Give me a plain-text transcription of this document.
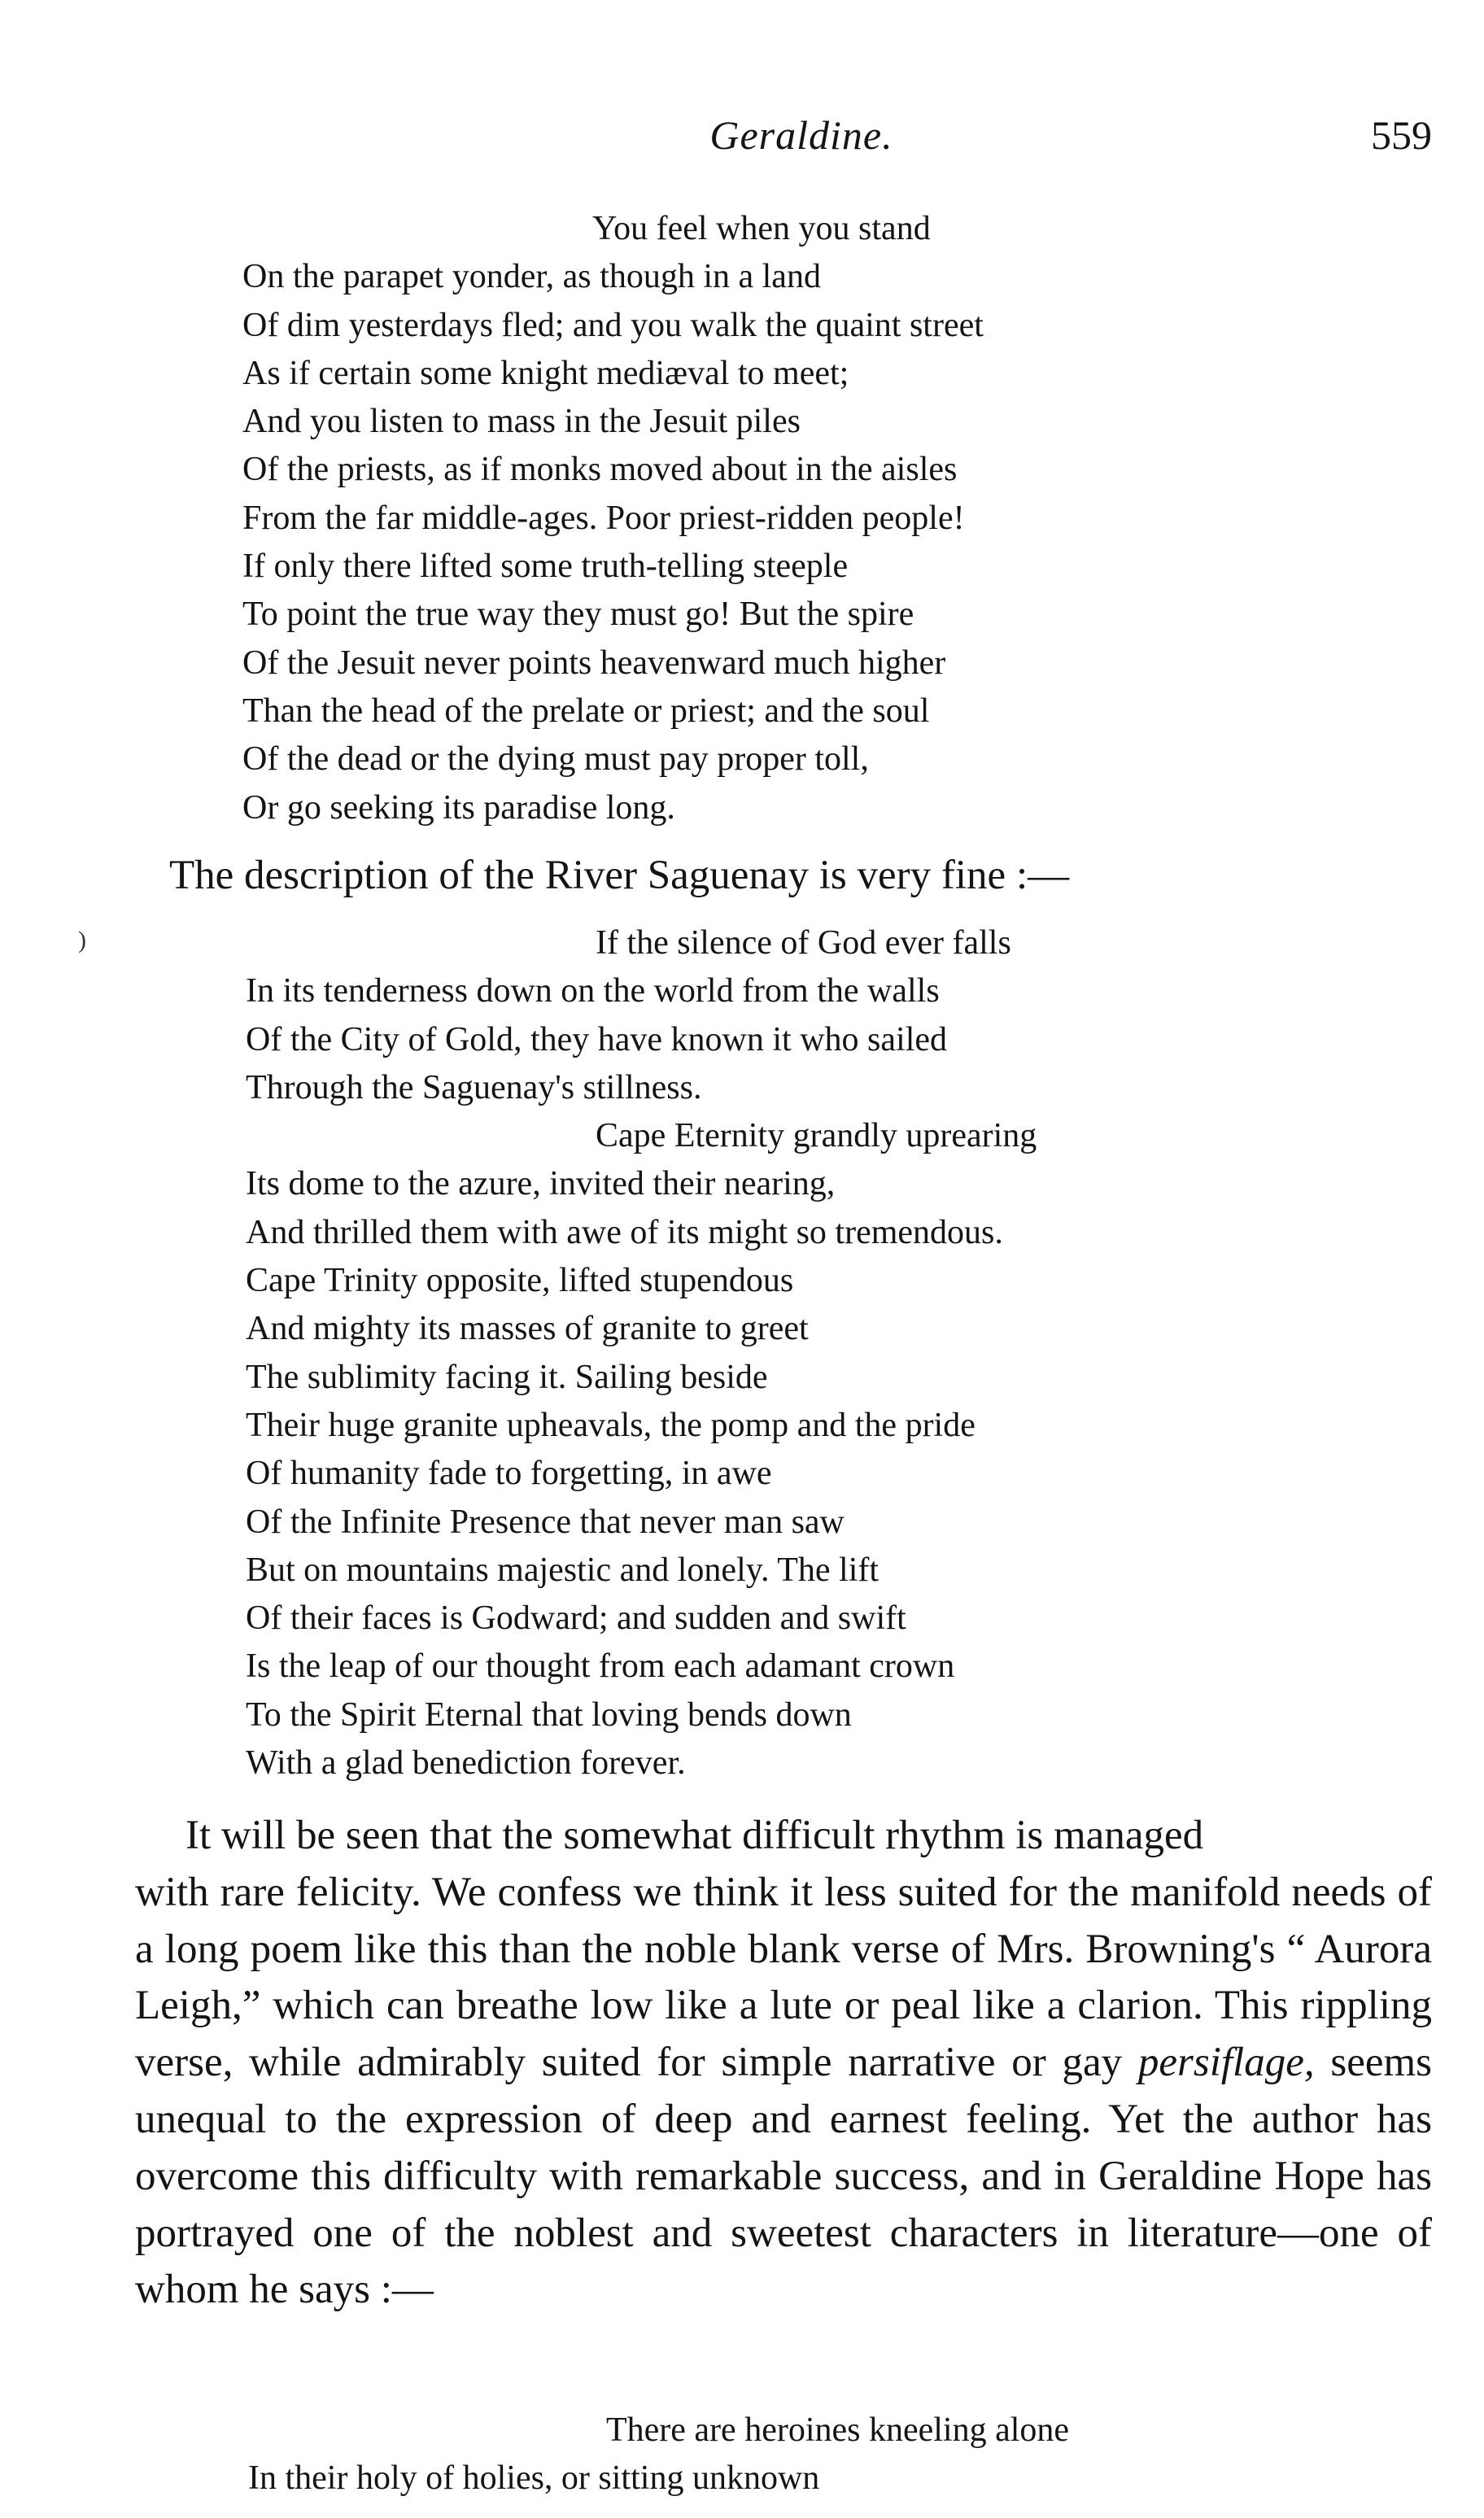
Geraldine.	559
You feel when you stand
On the parapet yonder, as though in a land
Of dim yesterdays fled; and you walk the quaint street
As if certain some knight mediæval to meet;
And you listen to mass in the Jesuit piles
Of the priests, as if monks moved about in the aisles
From the far middle-ages. Poor priest-ridden people!
If only there lifted some truth-telling steeple
To point the true way they must go! But the spire
Of the Jesuit never points heavenward much higher
Than the head of the prelate or priest; and the soul
Of the dead or the dying must pay proper toll,
Or go seeking its paradise long.

The description of the River Saguenay is very fine :—

)	If the silence of God ever falls
In its tenderness down on the world from the walls
Of the City of Gold, they have known it who sailed
Through the Saguenay's stillness.
Cape Eternity grandly uprearing
Its dome to the azure, invited their nearing,
And thrilled them with awe of its might so tremendous.
Cape Trinity opposite, lifted stupendous
And mighty its masses of granite to greet
The sublimity facing it. Sailing beside
Their huge granite upheavals, the pomp and the pride
Of humanity fade to forgetting, in awe
Of the Infinite Presence that never man saw
But on mountains majestic and lonely. The lift
Of their faces is Godward; and sudden and swift
Is the leap of our thought from each adamant crown
To the Spirit Eternal that loving bends down
With a glad benediction forever.

It will be seen that the somewhat difficult rhythm is managed
with rare felicity. We confess we think it less suited for the manifold needs of a long poem like this than the noble blank verse of Mrs. Browning's “ Aurora Leigh,” which can breathe low like a lute or peal like a clarion. This rippling verse, while admirably suited for simple narrative or gay persiflage, seems unequal to the expression of deep and earnest feeling. Yet the author has overcome this difficulty with remarkable success, and in Geraldine Hope has portrayed one of the noblest and sweetest characters in literature—one of whom he says :—

There are heroines kneeling alone
In their holy of holies, or sitting unknown
